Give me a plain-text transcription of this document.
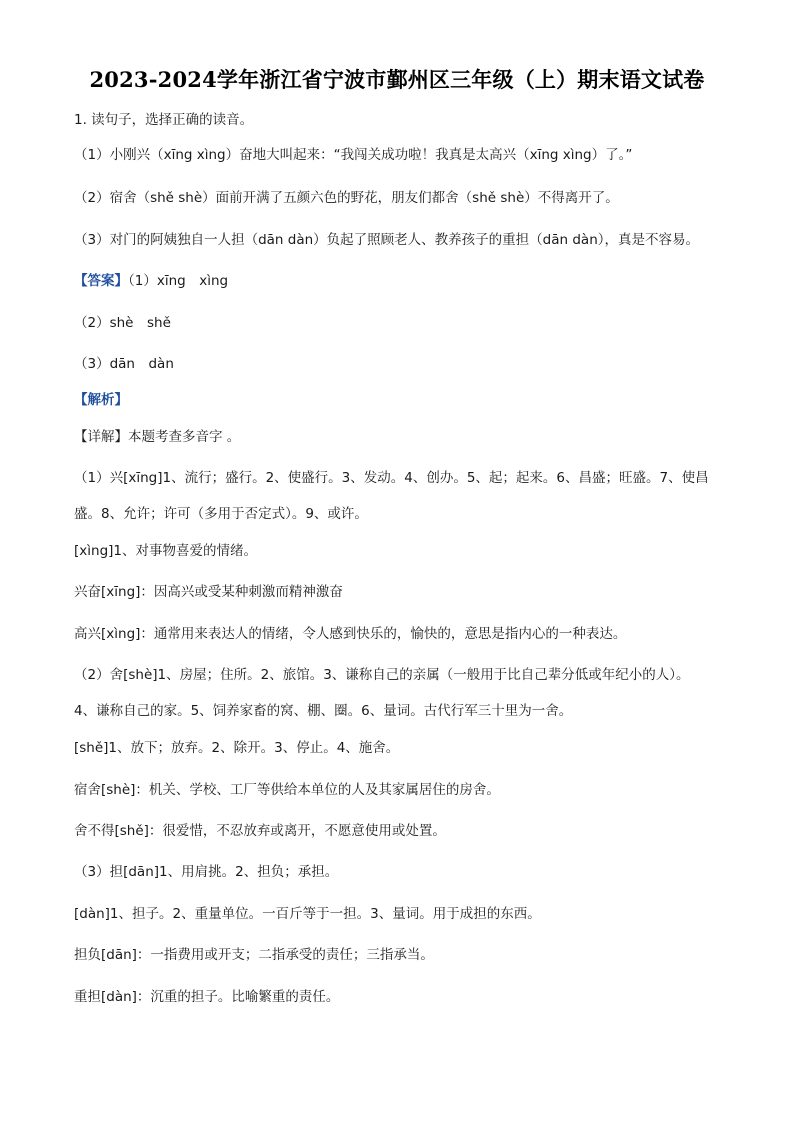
2023-2024学年浙江省宁波市鄞州区三年级（上）期末语文试卷
1. 读句子，选择正确的读音。
（1）小刚兴（xīng xìng）奋地大叫起来：“我闯关成功啦！我真是太高兴（xīng xìng）了。”
（2）宿舍（shě shè）面前开满了五颜六色的野花，朋友们都舍（shě shè）不得离开了。
（3）对门的阿姨独自一人担（dān dàn）负起了照顾老人、教养孩子的重担（dān dàn），真是不容易。
【答案】（1）xīng　xìng
（2）shè　shě
（3）dān　dàn
【解析】
【详解】本题考查多音字 。
（1）兴[xīng]1、流行；盛行。2、使盛行。3、发动。4、创办。5、起；起来。6、昌盛；旺盛。7、使昌
盛。8、允许；许可（多用于否定式）。9、或许。
[xìng]1、对事物喜爱的情绪。
兴奋[xīng]：因高兴或受某种刺激而精神激奋
高兴[xìng]：通常用来表达人的情绪，令人感到快乐的，愉快的，意思是指内心的一种表达。
（2）舍[shè]1、房屋；住所。2、旅馆。3、谦称自己的亲属（一般用于比自己辈分低或年纪小的人）。
4、谦称自己的家。5、饲养家畜的窝、棚、圈。6、量词。古代行军三十里为一舍。
[shě]1、放下；放弃。2、除开。3、停止。4、施舍。
宿舍[shè]：机关、学校、工厂等供给本单位的人及其家属居住的房舍。
舍不得[shě]：很爱惜，不忍放弃或离开，不愿意使用或处置。
（3）担[dān]1、用肩挑。2、担负；承担。
[dàn]1、担子。2、重量单位。一百斤等于一担。3、量词。用于成担的东西。
担负[dān]：一指费用或开支；二指承受的责任；三指承当。
重担[dàn]：沉重的担子。比喻繁重的责任。
